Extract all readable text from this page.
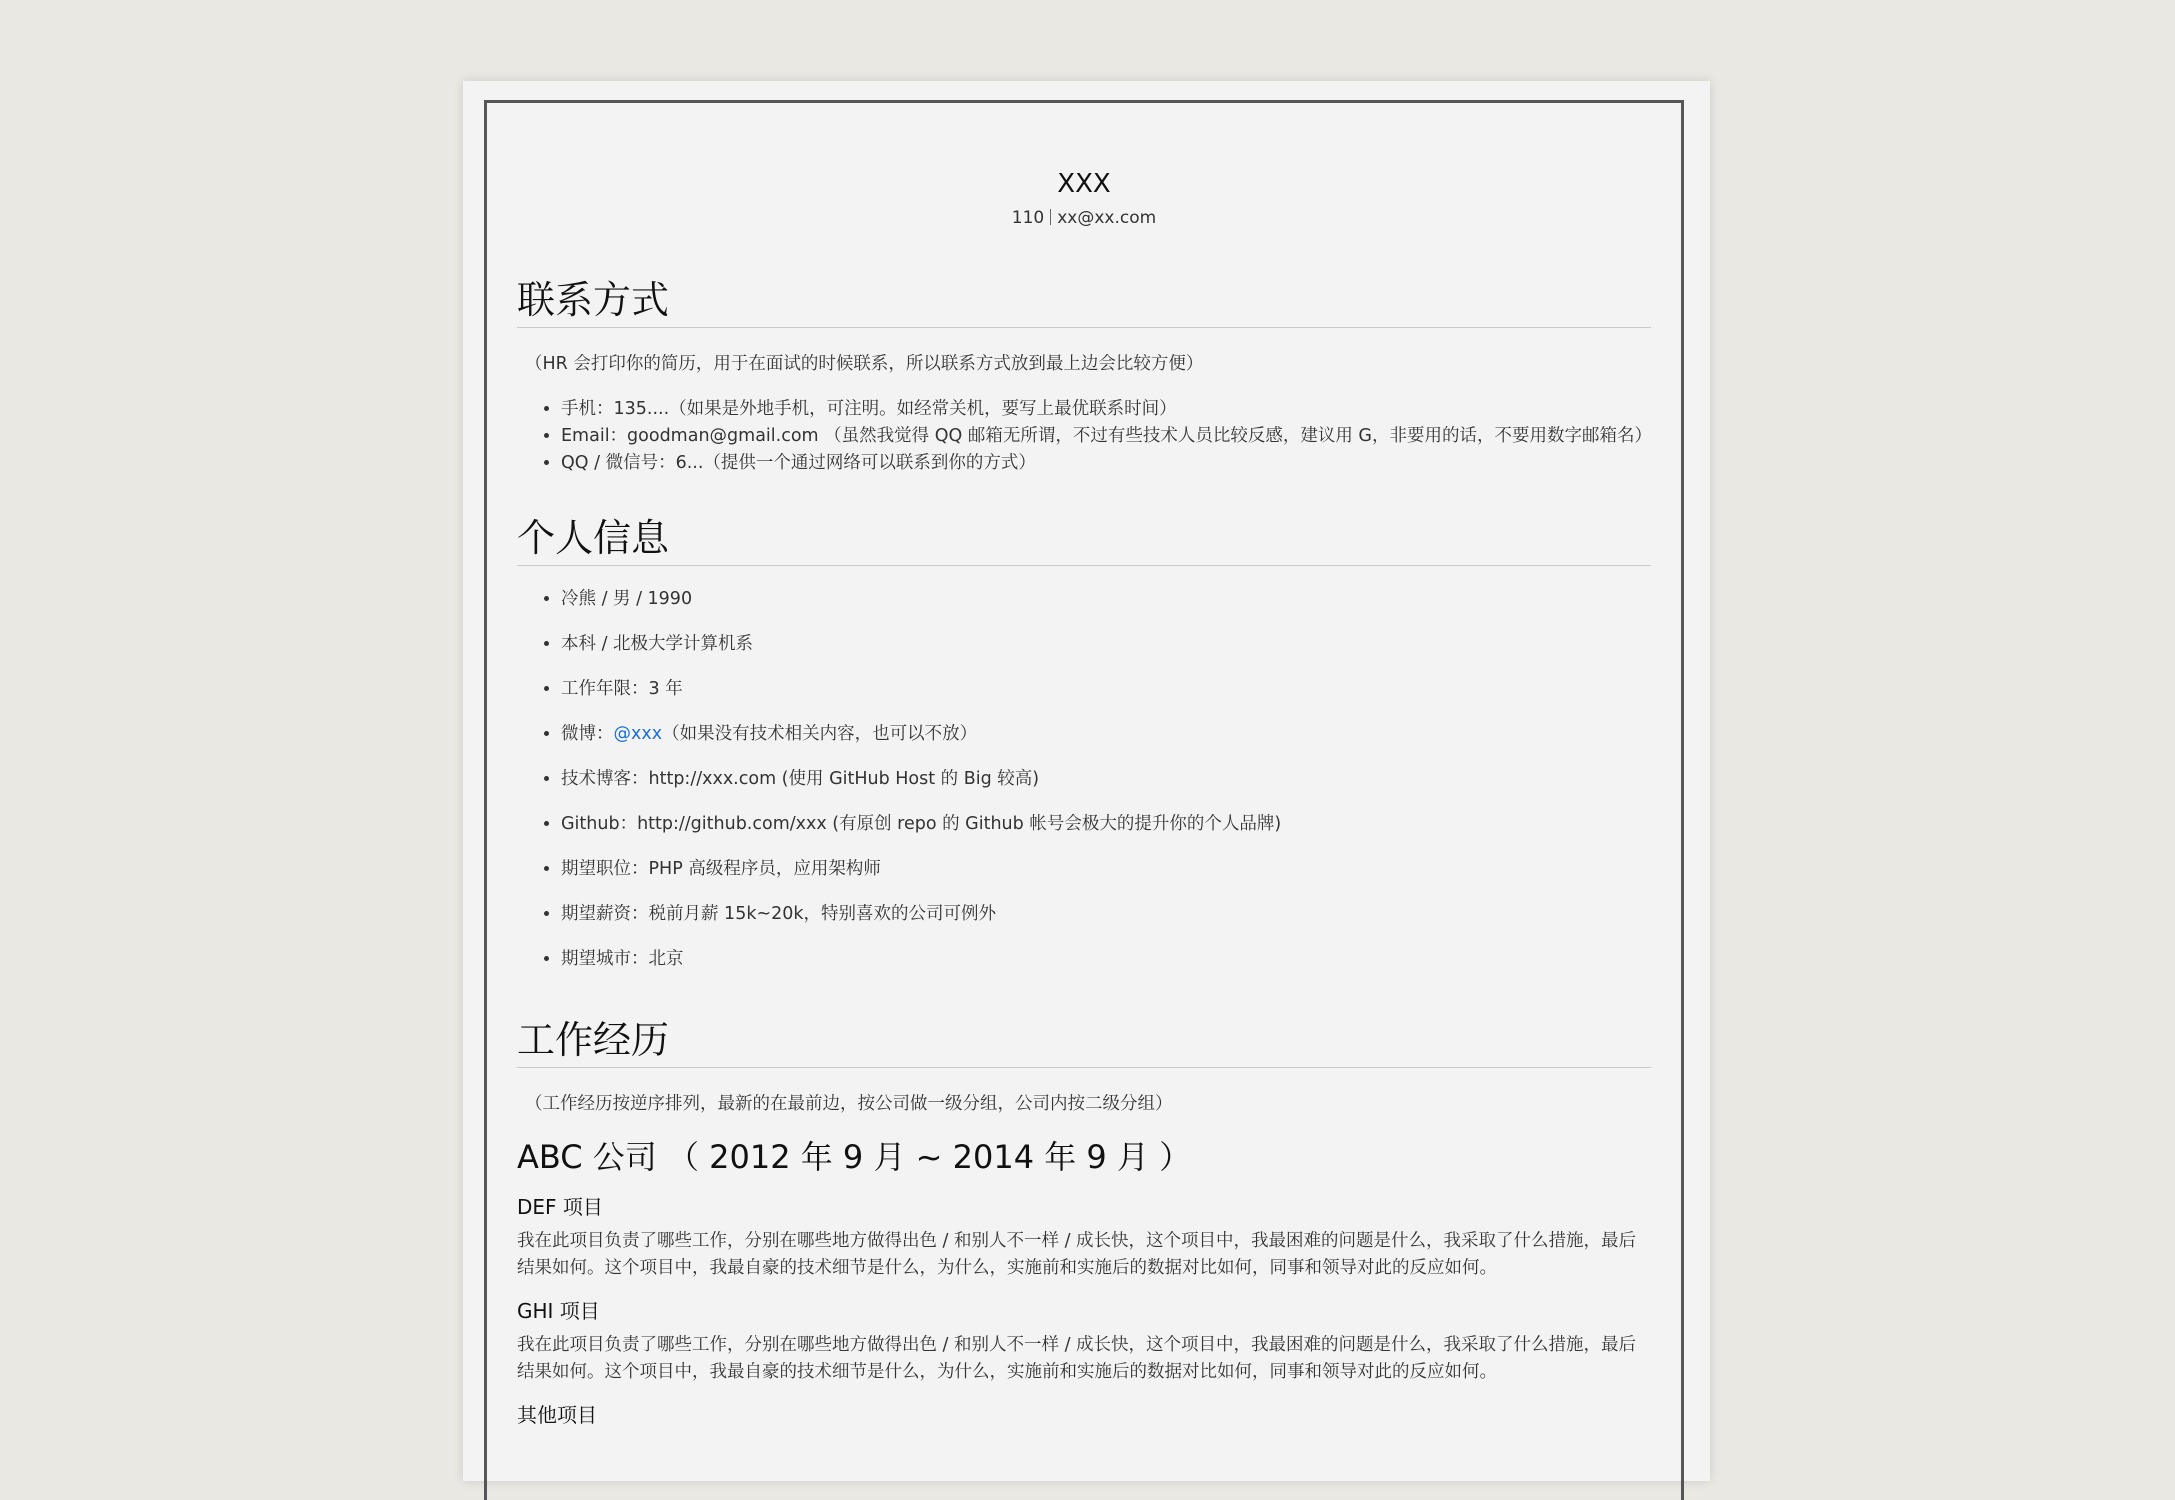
XXX
110 xx@xx.com
联系方式
（HR 会打印你的简历，用于在面试的时候联系，所以联系方式放到最上边会比较方便）
• 手机：135....（如果是外地手机，可注明。如经常关机，要写上最优联系时间）
• Email：goodman@gmail.com （虽然我觉得 QQ 邮箱无所谓，不过有些技术人员比较反感，建议用 G，非要用的话，不要用数字邮箱名）
• QQ / 微信号：6...（提供一个通过网络可以联系到你的方式）
个人信息
• 冷熊 / 男 / 1990
• 本科 / 北极大学计算机系
• 工作年限：3 年
• 微博：@xxx（如果没有技术相关内容，也可以不放）
• 技术博客：http://xxx.com (使用 GitHub Host 的 Big 较高)
• Github：http://github.com/xxx (有原创 repo 的 Github 帐号会极大的提升你的个人品牌)
• 期望职位：PHP 高级程序员，应用架构师
• 期望薪资：税前月薪 15k~20k，特别喜欢的公司可例外
• 期望城市：北京
工作经历
（工作经历按逆序排列，最新的在最前边，按公司做一级分组，公司内按二级分组）
ABC 公司 （ 2012 年 9 月 ~ 2014 年 9 月 ）
DEF 项目
我在此项目负责了哪些工作，分别在哪些地方做得出色 / 和别人不一样 / 成长快，这个项目中，我最困难的问题是什么，我采取了什么措施，最后结果如何。这个项目中，我最自豪的技术细节是什么，为什么，实施前和实施后的数据对比如何，同事和领导对此的反应如何。
GHI 项目
我在此项目负责了哪些工作，分别在哪些地方做得出色 / 和别人不一样 / 成长快，这个项目中，我最困难的问题是什么，我采取了什么措施，最后结果如何。这个项目中，我最自豪的技术细节是什么，为什么，实施前和实施后的数据对比如何，同事和领导对此的反应如何。
其他项目
